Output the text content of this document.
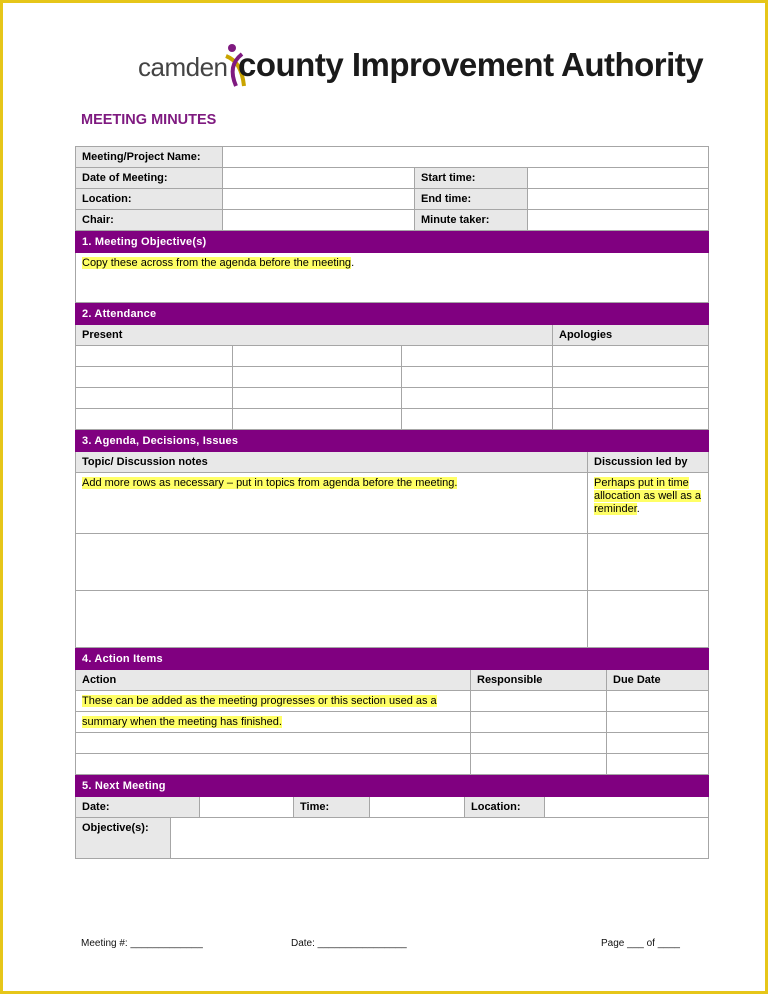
camden county Improvement Authority
MEETING MINUTES
Meeting/Project Name:			
Date of Meeting:		Start time:	
Location:		End time:	
Chair:		Minute taker:	
1. Meeting Objective(s)
Copy these across from the agenda before the meeting.
2. Attendance			
Present			Apologies

3. Agenda, Decisions, Issues	
Topic/ Discussion notes	Discussion led by
Add more rows as necessary – put in topics from agenda before the meeting.	Perhaps put in time allocation as well as a reminder.

4. Action Items		
Action	Responsible	Due Date
These can be added as the meeting progresses or this section used as a		
summary when the meeting has finished.		

5. Next Meeting						
Date:			Time:		Location:	
Objective(s):						
Meeting #: _____________	Date: ________________	Page ___ of ____
